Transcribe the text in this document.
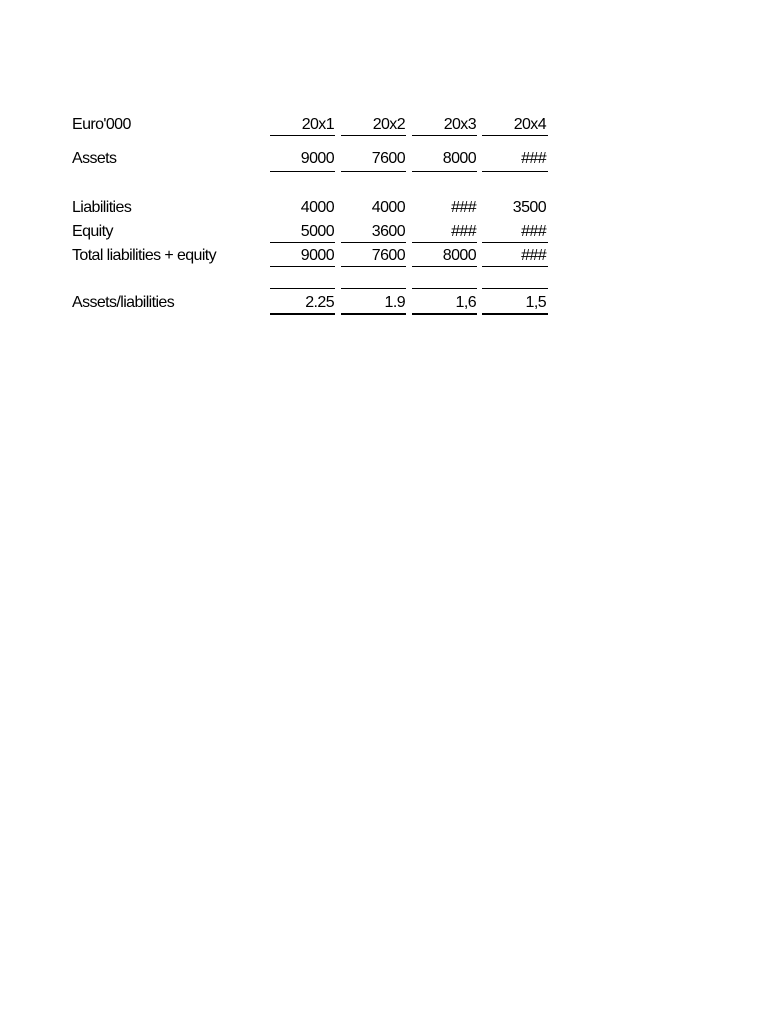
Euro'000	20x1	20x2	20x3	20x4
Assets	9000	7600	8000	###
Liabilities	4000	4000	###	3500
Equity	5000	3600	###	###
Total liabilities + equity	9000	7600	8000	###
Assets/liabilities	2.25	1.9	1,6	1,5
